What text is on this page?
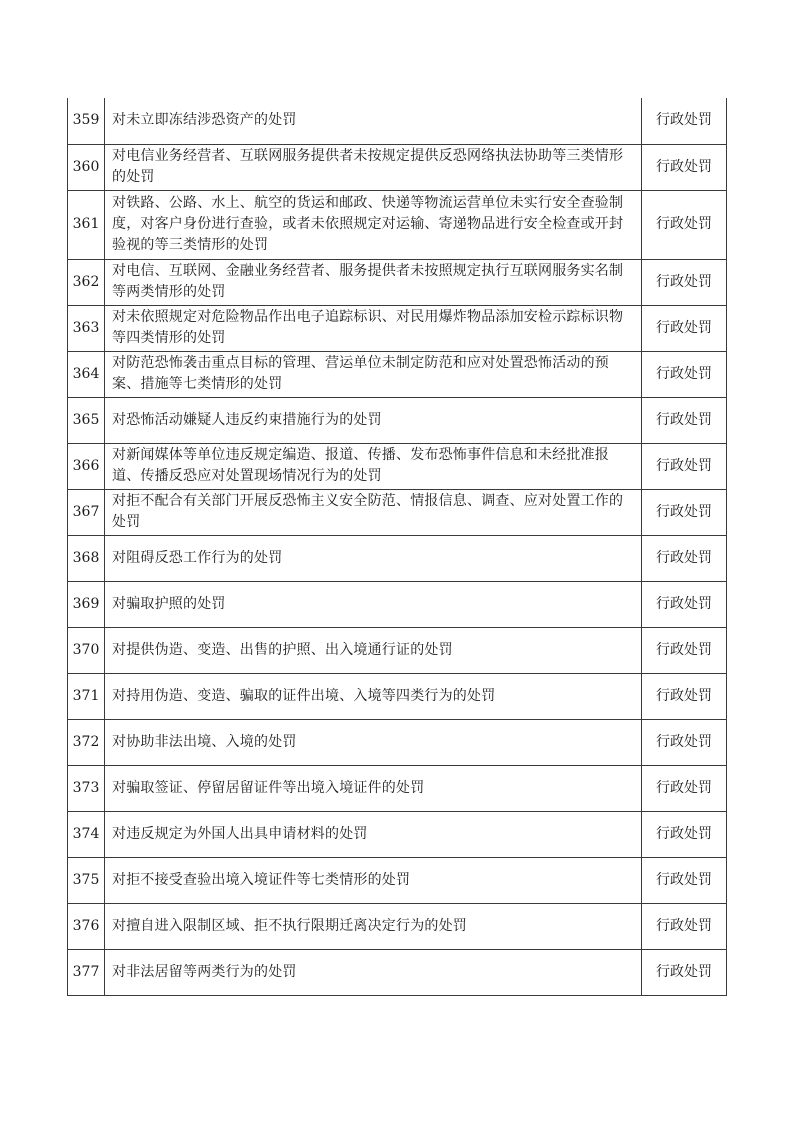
359	对未立即冻结涉恐资产的处罚	行政处罚
360	对电信业务经营者、互联网服务提供者未按规定提供反恐网络执法协助等三类情形的处罚	行政处罚
361	对铁路、公路、水上、航空的货运和邮政、快递等物流运营单位未实行安全查验制度，对客户身份进行查验，或者未依照规定对运输、寄递物品进行安全检查或开封验视的等三类情形的处罚	行政处罚
362	对电信、互联网、金融业务经营者、服务提供者未按照规定执行互联网服务实名制等两类情形的处罚	行政处罚
363	对未依照规定对危险物品作出电子追踪标识、对民用爆炸物品添加安检示踪标识物等四类情形的处罚	行政处罚
364	对防范恐怖袭击重点目标的管理、营运单位未制定防范和应对处置恐怖活动的预案、措施等七类情形的处罚	行政处罚
365	对恐怖活动嫌疑人违反约束措施行为的处罚	行政处罚
366	对新闻媒体等单位违反规定编造、报道、传播、发布恐怖事件信息和未经批准报道、传播反恐应对处置现场情况行为的处罚	行政处罚
367	对拒不配合有关部门开展反恐怖主义安全防范、情报信息、调查、应对处置工作的处罚	行政处罚
368	对阻碍反恐工作行为的处罚	行政处罚
369	对骗取护照的处罚	行政处罚
370	对提供伪造、变造、出售的护照、出入境通行证的处罚	行政处罚
371	对持用伪造、变造、骗取的证件出境、入境等四类行为的处罚	行政处罚
372	对协助非法出境、入境的处罚	行政处罚
373	对骗取签证、停留居留证件等出境入境证件的处罚	行政处罚
374	对违反规定为外国人出具申请材料的处罚	行政处罚
375	对拒不接受查验出境入境证件等七类情形的处罚	行政处罚
376	对擅自进入限制区域、拒不执行限期迁离决定行为的处罚	行政处罚
377	对非法居留等两类行为的处罚	行政处罚
